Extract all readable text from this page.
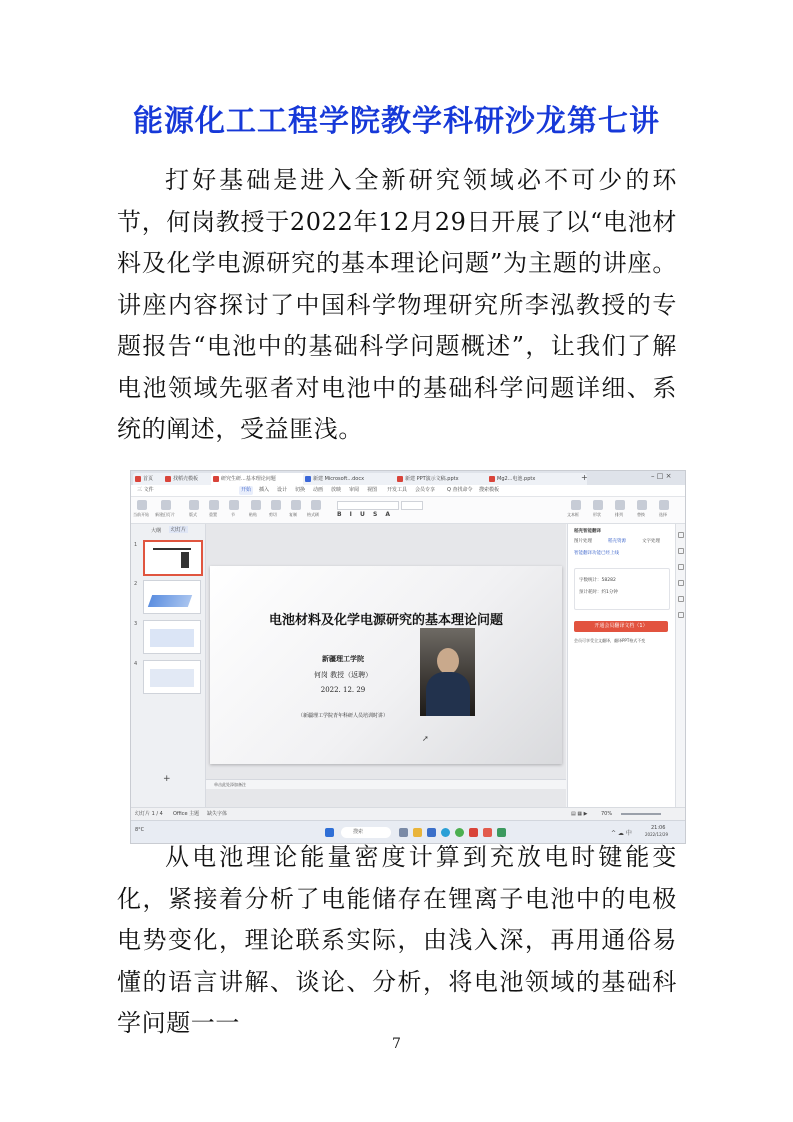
能源化工工程学院教学科研沙龙第七讲

打好基础是进入全新研究领域必不可少的环节，何岗教授于2022年12月29日开展了以“电池材料及化学电源研究的基本理论问题”为主题的讲座。讲座内容探讨了中国科学物理研究所李泓教授的专题报告“电池中的基础科学问题概述”，让我们了解电池领域先驱者对电池中的基础科学问题详细、系统的阐述，受益匪浅。

首页	找稻壳模板	研究生研...基本理论问题	新建 Microsoft...docx	新建 PPT演示文稿.pptx	Mg2...电池.pptx	+	– □ ×
三 文件	开始	插入	设计	切换	动画	放映	审阅	视图	开发工具	会员专享	Q 查找命令	搜索模板
当前开始 新建幻灯片	版式	重置	节	粘贴	剪切	复制	格式刷	B I U S A	文本框	形状	排列	替换	选择
大纲	幻灯片
1
2
3
4
+
电池材料及化学电源研究的基本理论问题
新疆理工学院
何岗 教授（返聘）
2022. 12. 29
（新疆理工学院青年科研人员培训时讲）
➚
单击此处添加备注
稻壳智能翻译
图片处理	稻壳资源	文字处理
智能翻译功能已经上线
字数统计：58282
预计耗时：约1分钟
开通会员翻译文档（1）
会员可享受全文翻译，翻译PPT格式不变
幻灯片 1 / 4 Office 主题 缺失字体	▤ ▦ ▶	70%
8°C	搜索	^ ☁ 中
21:06
2022/12/29

从电池理论能量密度计算到充放电时键能变化，紧接着分析了电能储存在锂离子电池中的电极电势变化，理论联系实际，由浅入深，再用通俗易懂的语言讲解、谈论、分析，将电池领域的基础科学问题一一

7
